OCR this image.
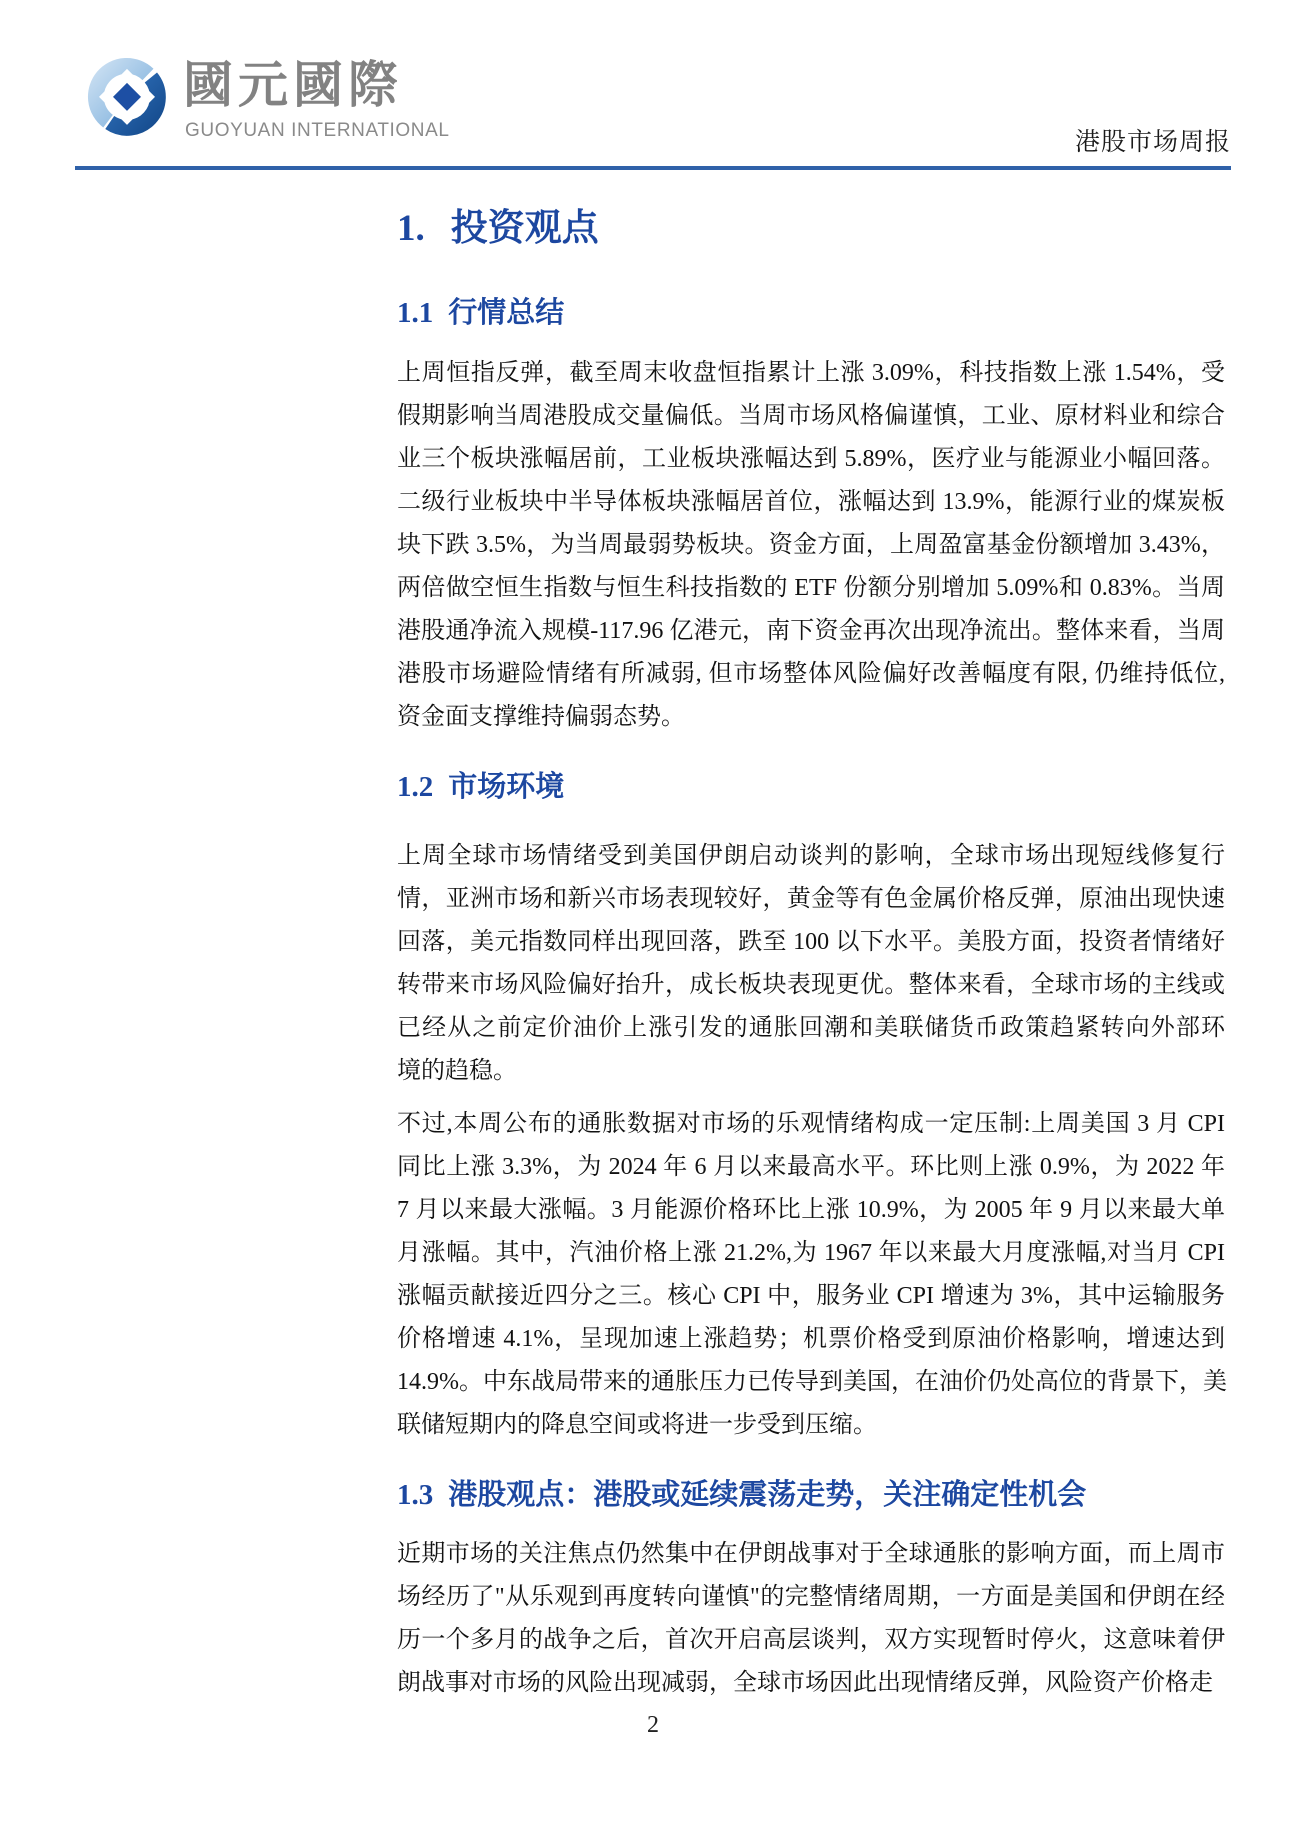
國元國際
GUOYUAN INTERNATIONAL	港股市场周报
1. 投资观点
1.1 行情总结
上周恒指反弹，截至周末收盘恒指累计上涨 3.09%，科技指数上涨 1.54%，受
假期影响当周港股成交量偏低。当周市场风格偏谨慎，工业、原材料业和综合
业三个板块涨幅居前，工业板块涨幅达到 5.89%，医疗业与能源业小幅回落。
二级行业板块中半导体板块涨幅居首位，涨幅达到 13.9%，能源行业的煤炭板
块下跌 3.5%，为当周最弱势板块。资金方面，上周盈富基金份额增加 3.43%，
两倍做空恒生指数与恒生科技指数的 ETF 份额分别增加 5.09%和 0.83%。当周
港股通净流入规模-117.96 亿港元，南下资金再次出现净流出。整体来看，当周
港股市场避险情绪有所减弱, 但市场整体风险偏好改善幅度有限, 仍维持低位,
资金面支撑维持偏弱态势。
1.2 市场环境
上周全球市场情绪受到美国伊朗启动谈判的影响，全球市场出现短线修复行
情，亚洲市场和新兴市场表现较好，黄金等有色金属价格反弹，原油出现快速
回落，美元指数同样出现回落，跌至 100 以下水平。美股方面，投资者情绪好
转带来市场风险偏好抬升，成长板块表现更优。整体来看，全球市场的主线或
已经从之前定价油价上涨引发的通胀回潮和美联储货币政策趋紧转向外部环
境的趋稳。
不过,本周公布的通胀数据对市场的乐观情绪构成一定压制:上周美国 3 月 CPI
同比上涨 3.3%，为 2024 年 6 月以来最高水平。环比则上涨 0.9%，为 2022 年
7 月以来最大涨幅。3 月能源价格环比上涨 10.9%，为 2005 年 9 月以来最大单
月涨幅。其中，汽油价格上涨 21.2%,为 1967 年以来最大月度涨幅,对当月 CPI
涨幅贡献接近四分之三。核心 CPI 中，服务业 CPI 增速为 3%，其中运输服务
价格增速 4.1%，呈现加速上涨趋势；机票价格受到原油价格影响，增速达到
14.9%。中东战局带来的通胀压力已传导到美国，在油价仍处高位的背景下，美
联储短期内的降息空间或将进一步受到压缩。
1.3 港股观点：港股或延续震荡走势，关注确定性机会
近期市场的关注焦点仍然集中在伊朗战事对于全球通胀的影响方面，而上周市
场经历了"从乐观到再度转向谨慎"的完整情绪周期，一方面是美国和伊朗在经
历一个多月的战争之后，首次开启高层谈判，双方实现暂时停火，这意味着伊
朗战事对市场的风险出现减弱，全球市场因此出现情绪反弹，风险资产价格走
2
